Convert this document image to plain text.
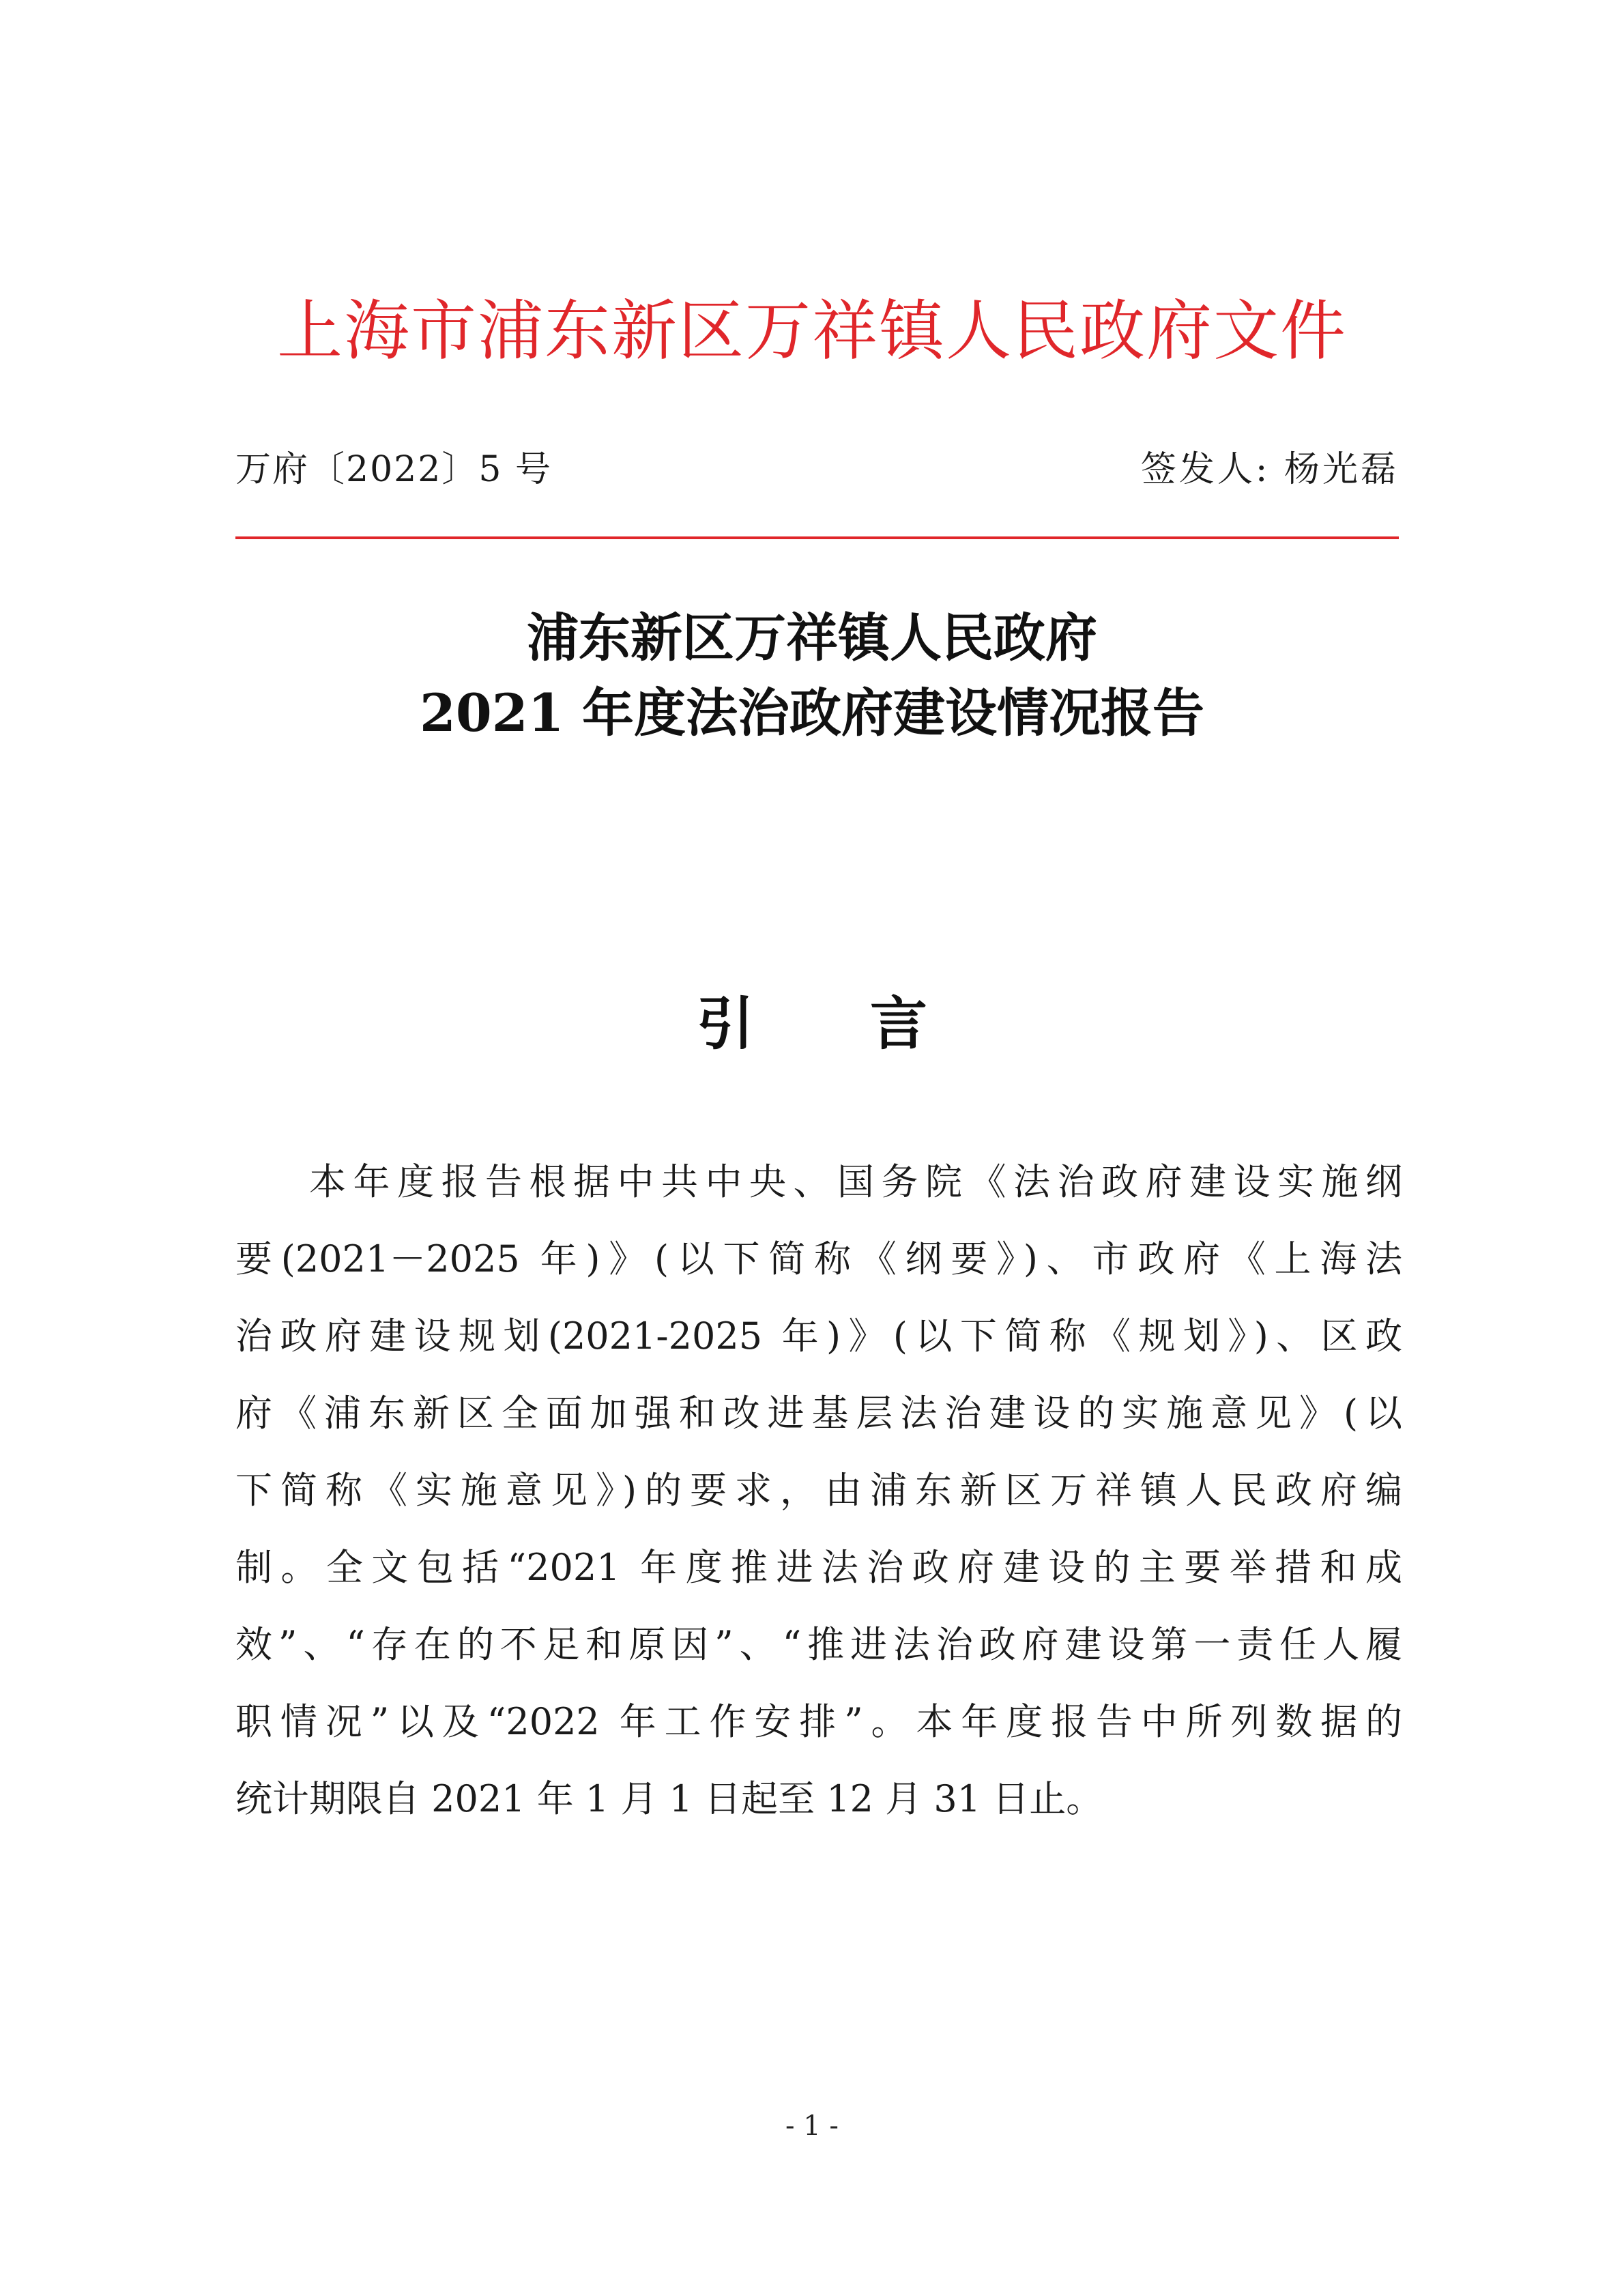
上海市浦东新区万祥镇人民政府文件
万府〔2022〕5 号	签发人: 杨光磊
浦东新区万祥镇人民政府
2021 年度法治政府建设情况报告
引 言
本年度报告根据中共中央、国务院《法治政府建设实施纲
要(2021－2025 年)》(以下简称《纲要》)、市政府《上海法
治政府建设规划(2021-2025 年)》(以下简称《规划》)、区政
府《浦东新区全面加强和改进基层法治建设的实施意见》(以
下简称《实施意见》)的要求，由浦东新区万祥镇人民政府编
制。全文包括“2021 年度推进法治政府建设的主要举措和成
效”、“存在的不足和原因”、“推进法治政府建设第一责任人履
职情况”以及“2022 年工作安排”。本年度报告中所列数据的
统计期限自 2021 年 1 月 1 日起至 12 月 31 日止。
- 1 -
